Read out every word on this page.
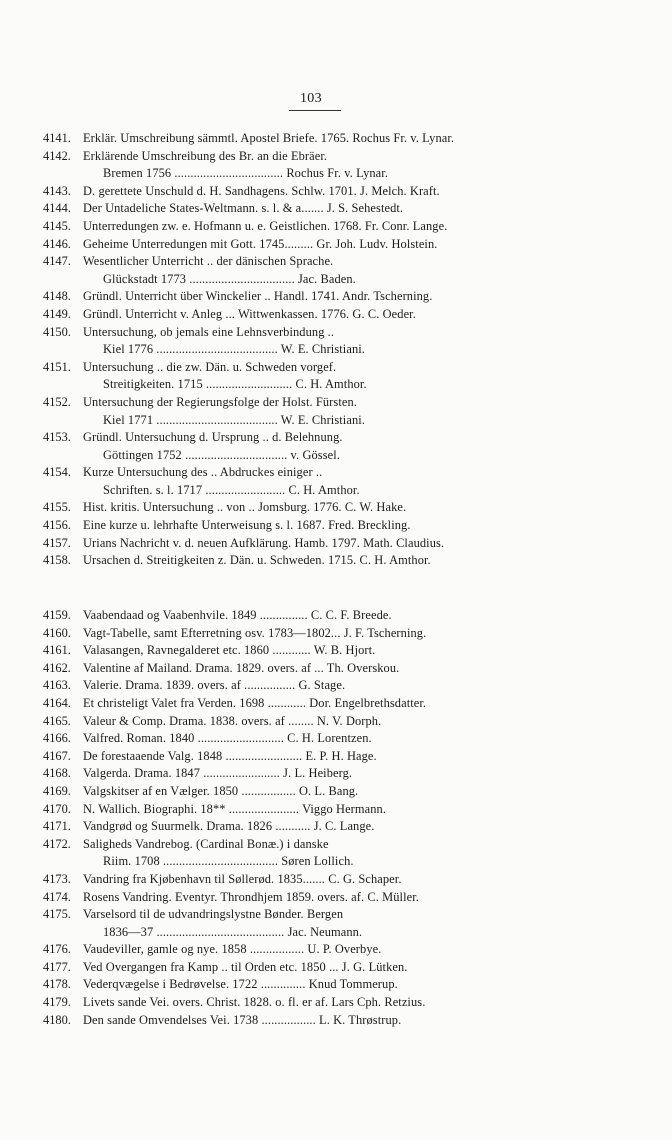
103
4141. Erklär. Umschreibung sämmtl. Apostel Briefe. 1765. Rochus Fr. v. Lynar.
4142. Erklärende Umschreibung des Br. an die Ebräer.
Bremen 1756 .................................. Rochus Fr. v. Lynar.
4143. D. gerettete Unschuld d. H. Sandhagens. Schlw. 1701. J. Melch. Kraft.
4144. Der Untadeliche States-Weltmann. s. l. & a....... J. S. Sehestedt.
4145. Unterredungen zw. e. Hofmann u. e. Geistlichen. 1768. Fr. Conr. Lange.
4146. Geheime Unterredungen mit Gott. 1745......... Gr. Joh. Ludv. Holstein.
4147. Wesentlicher Unterricht .. der dänischen Sprache.
Glückstadt 1773 ................................. Jac. Baden.
4148. Gründl. Unterricht über Winckelier .. Handl. 1741. Andr. Tscherning.
4149. Gründl. Unterricht v. Anleg ... Wittwenkassen. 1776. G. C. Oeder.
4150. Untersuchung, ob jemals eine Lehnsverbindung ..
Kiel 1776 ...................................... W. E. Christiani.
4151. Untersuchung .. die zw. Dän. u. Schweden vorgef.
Streitigkeiten. 1715 ........................... C. H. Amthor.
4152. Untersuchung der Regierungsfolge der Holst. Fürsten.
Kiel 1771 ...................................... W. E. Christiani.
4153. Gründl. Untersuchung d. Ursprung .. d. Belehnung.
Göttingen 1752 ................................ v. Gössel.
4154. Kurze Untersuchung des .. Abdruckes einiger ..
Schriften. s. l. 1717 ......................... C. H. Amthor.
4155. Hist. kritis. Untersuchung .. von .. Jomsburg. 1776. C. W. Hake.
4156. Eine kurze u. lehrhafte Unterweisung s. l. 1687. Fred. Breckling.
4157. Urians Nachricht v. d. neuen Aufklärung. Hamb. 1797. Math. Claudius.
4158. Ursachen d. Streitigkeiten z. Dän. u. Schweden. 1715. C. H. Amthor.
4159. Vaabendaad og Vaabenhvile. 1849 ............... C. C. F. Breede.
4160. Vagt-Tabelle, samt Efterretning osv. 1783—1802... J. F. Tscherning.
4161. Valasangen, Ravnegalderet etc. 1860 ............ W. B. Hjort.
4162. Valentine af Mailand. Drama. 1829. overs. af ... Th. Overskou.
4163. Valerie. Drama. 1839. overs. af ................ G. Stage.
4164. Et christeligt Valet fra Verden. 1698 ............ Dor. Engelbrethsdatter.
4165. Valeur & Comp. Drama. 1838. overs. af ........ N. V. Dorph.
4166. Valfred. Roman. 1840 ........................... C. H. Lorentzen.
4167. De forestaaende Valg. 1848 ........................ E. P. H. Hage.
4168. Valgerda. Drama. 1847 ........................ J. L. Heiberg.
4169. Valgskitser af en Vælger. 1850 ................. O. L. Bang.
4170. N. Wallich. Biographi. 18** ...................... Viggo Hermann.
4171. Vandgrød og Suurmelk. Drama. 1826 ........... J. C. Lange.
4172. Saligheds Vandrebog. (Cardinal Bonæ.) i danske
Riim. 1708 .................................... Søren Lollich.
4173. Vandring fra Kjøbenhavn til Søllerød. 1835....... C. G. Schaper.
4174. Rosens Vandring. Eventyr. Throndhjem 1859. overs. af. C. Müller.
4175. Varselsord til de udvandringslystne Bønder. Bergen
1836—37 ........................................ Jac. Neumann.
4176. Vaudeviller, gamle og nye. 1858 ................. U. P. Overbye.
4177. Ved Overgangen fra Kamp .. til Orden etc. 1850 ... J. G. Lütken.
4178. Vederqvægelse i Bedrøvelse. 1722 .............. Knud Tommerup.
4179. Livets sande Vei. overs. Christ. 1828. o. fl. er af. Lars Cph. Retzius.
4180. Den sande Omvendelses Vei. 1738 ................. L. K. Thrøstrup.
